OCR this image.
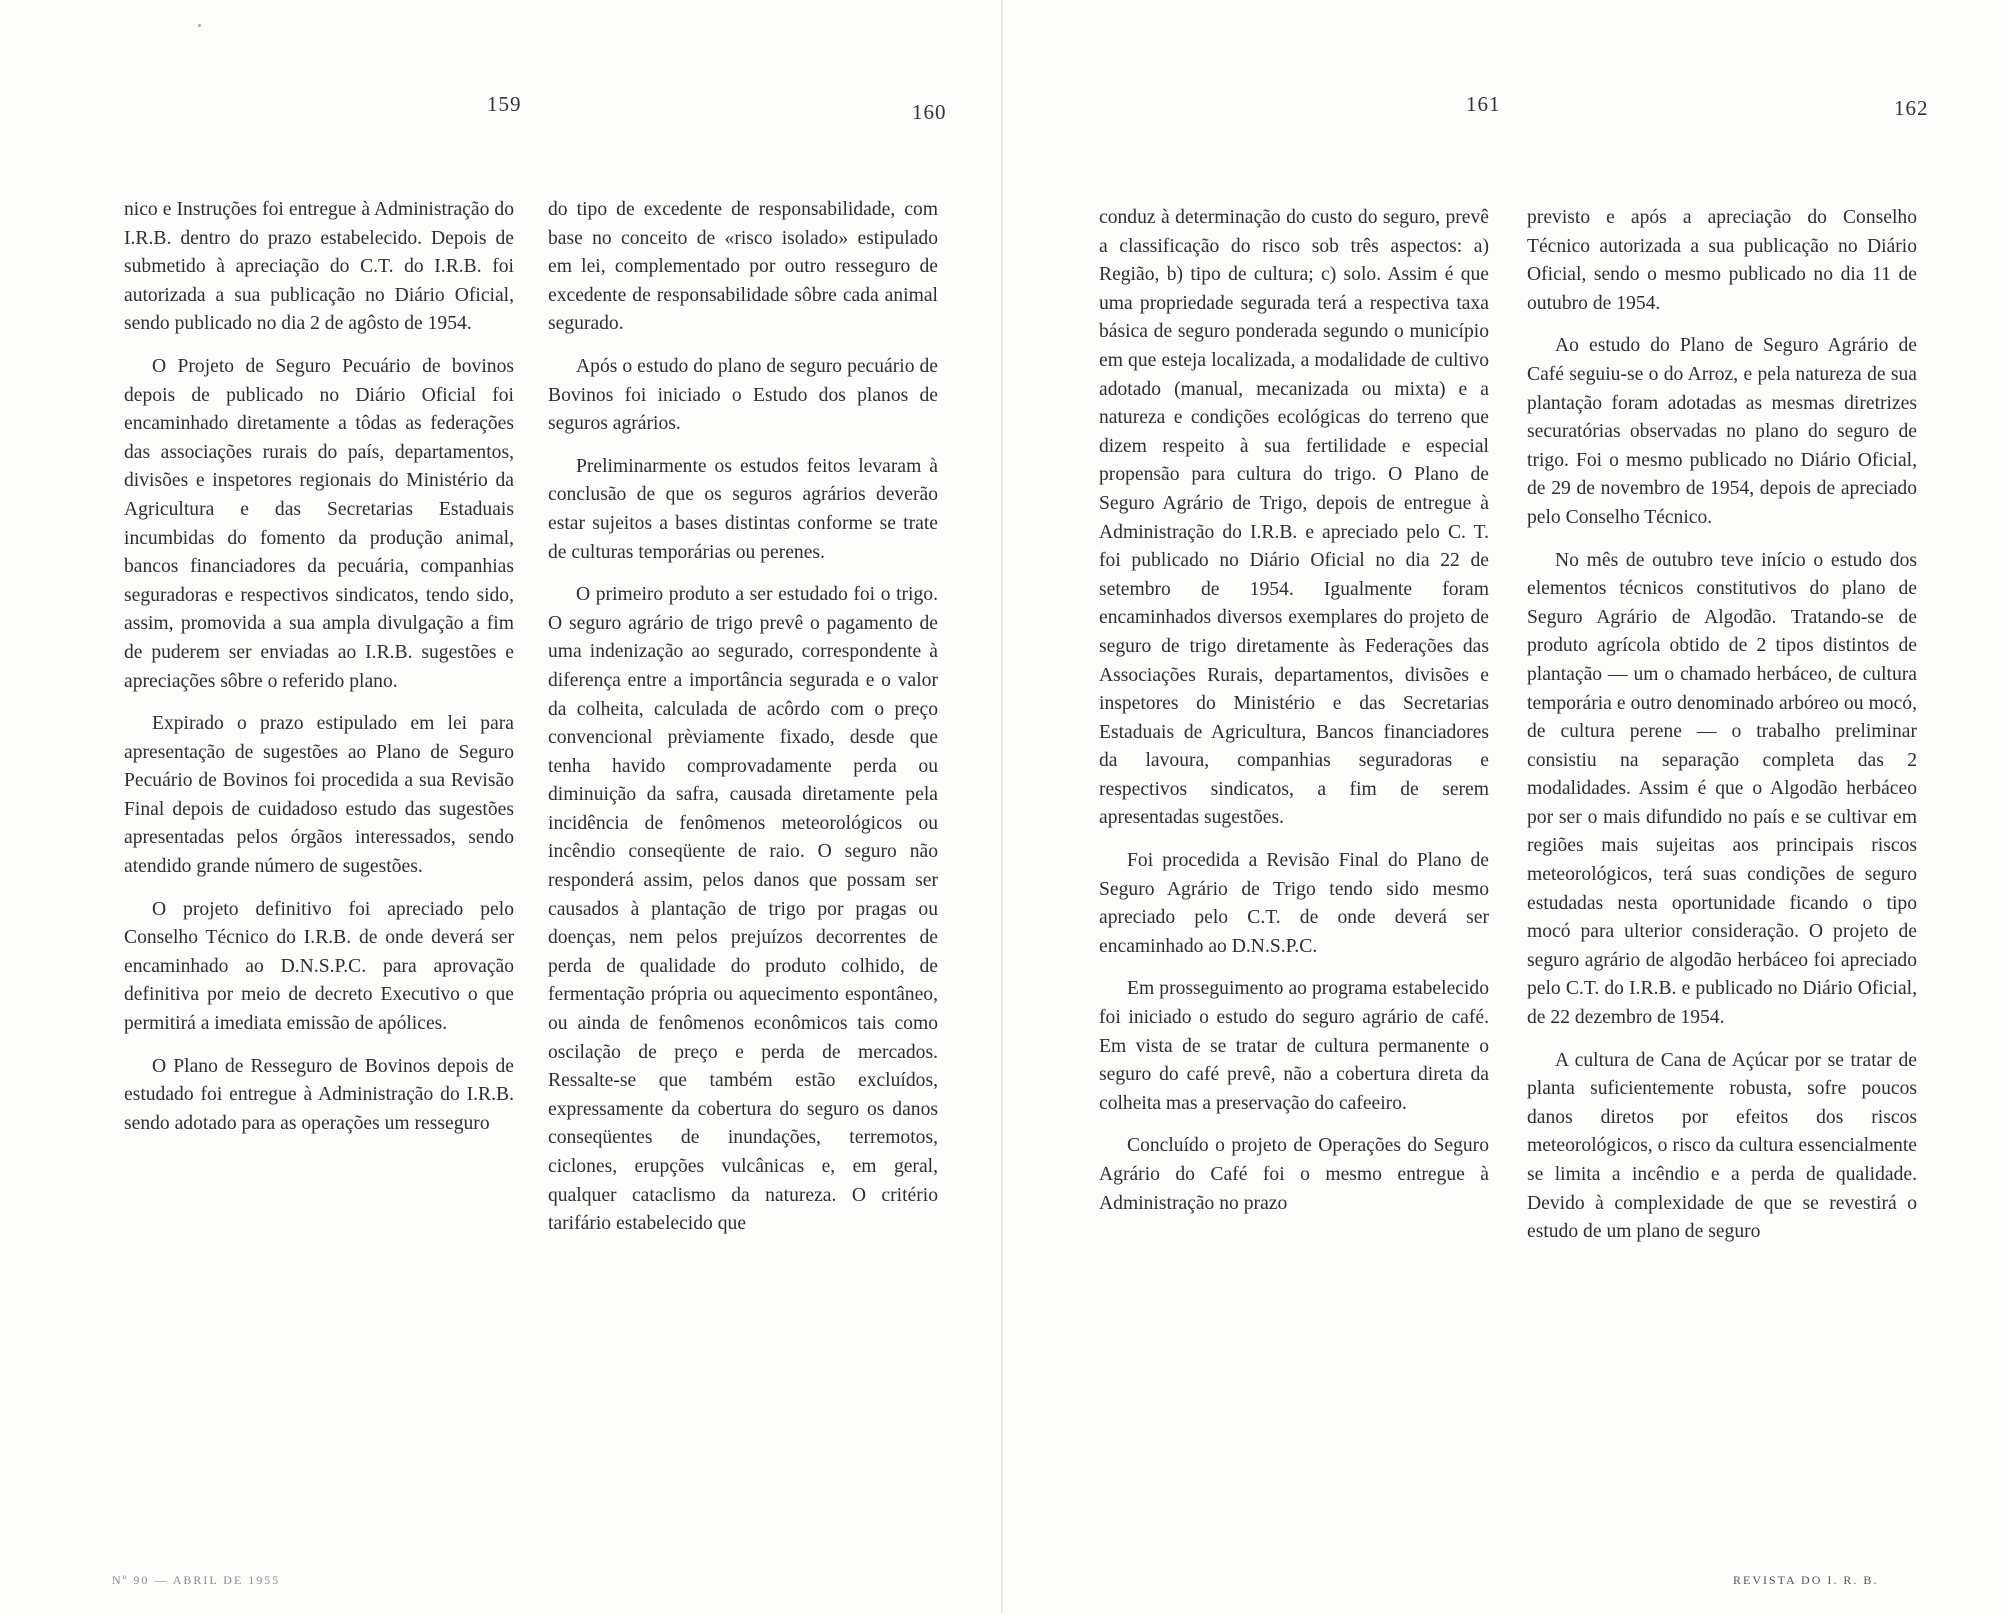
159	160

nico e Instruções foi entregue à Administração do I.R.B. dentro do prazo estabelecido. Depois de submetido à apreciação do C.T. do I.R.B. foi autorizada a sua publicação no Diário Oficial, sendo publicado no dia 2 de agôsto de 1954.

O Projeto de Seguro Pecuário de bovinos depois de publicado no Diário Oficial foi encaminhado diretamente a tôdas as federações das associações rurais do país, departamentos, divisões e inspetores regionais do Ministério da Agricultura e das Secretarias Estaduais incumbidas do fomento da produção animal, bancos financiadores da pecuária, companhias seguradoras e respectivos sindicatos, tendo sido, assim, promovida a sua ampla divulgação a fim de puderem ser enviadas ao I.R.B. sugestões e apreciações sôbre o referido plano.

Expirado o prazo estipulado em lei para apresentação de sugestões ao Plano de Seguro Pecuário de Bovinos foi procedida a sua Revisão Final depois de cuidadoso estudo das sugestões apresentadas pelos órgãos interessados, sendo atendido grande número de sugestões.

O projeto definitivo foi apreciado pelo Conselho Técnico do I.R.B. de onde deverá ser encaminhado ao D.N.S.P.C. para aprovação definitiva por meio de decreto Executivo o que permitirá a imediata emissão de apólices.

O Plano de Resseguro de Bovinos depois de estudado foi entregue à Administração do I.R.B. sendo adotado para as operações um resseguro

do tipo de excedente de responsabilidade, com base no conceito de «risco isolado» estipulado em lei, complementado por outro resseguro de excedente de responsabilidade sôbre cada animal segurado.

Após o estudo do plano de seguro pecuário de Bovinos foi iniciado o Estudo dos planos de seguros agrários.

Preliminarmente os estudos feitos levaram à conclusão de que os seguros agrários deverão estar sujeitos a bases distintas conforme se trate de culturas temporárias ou perenes.

O primeiro produto a ser estudado foi o trigo. O seguro agrário de trigo prevê o pagamento de uma indenização ao segurado, correspondente à diferença entre a importância segurada e o valor da colheita, calculada de acôrdo com o preço convencional prèviamente fixado, desde que tenha havido comprovadamente perda ou diminuição da safra, causada diretamente pela incidência de fenômenos meteorológicos ou incêndio conseqüente de raio. O seguro não responderá assim, pelos danos que possam ser causados à plantação de trigo por pragas ou doenças, nem pelos prejuízos decorrentes de perda de qualidade do produto colhido, de fermentação própria ou aquecimento espontâneo, ou ainda de fenômenos econômicos tais como oscilação de preço e perda de mercados. Ressalte-se que também estão excluídos, expressamente da cobertura do seguro os danos conseqüentes de inundações, terremotos, ciclones, erupções vulcânicas e, em geral, qualquer cataclismo da natureza. O critério tarifário estabelecido que

Nº 90 — ABRIL DE 1955
161	162

conduz à determinação do custo do seguro, prevê a classificação do risco sob três aspectos: a) Região, b) tipo de cultura; c) solo. Assim é que uma propriedade segurada terá a respectiva taxa básica de seguro ponderada segundo o município em que esteja localizada, a modalidade de cultivo adotado (manual, mecanizada ou mixta) e a natureza e condições ecológicas do terreno que dizem respeito à sua fertilidade e especial propensão para cultura do trigo. O Plano de Seguro Agrário de Trigo, depois de entregue à Administração do I.R.B. e apreciado pelo C. T. foi publicado no Diário Oficial no dia 22 de setembro de 1954. Igualmente foram encaminhados diversos exemplares do projeto de seguro de trigo diretamente às Federações das Associações Rurais, departamentos, divisões e inspetores do Ministério e das Secretarias Estaduais de Agricultura, Bancos financiadores da lavoura, companhias seguradoras e respectivos sindicatos, a fim de serem apresentadas sugestões.

Foi procedida a Revisão Final do Plano de Seguro Agrário de Trigo tendo sido mesmo apreciado pelo C.T. de onde deverá ser encaminhado ao D.N.S.P.C.

Em prosseguimento ao programa estabelecido foi iniciado o estudo do seguro agrário de café. Em vista de se tratar de cultura permanente o seguro do café prevê, não a cobertura direta da colheita mas a preservação do cafeeiro.

Concluído o projeto de Operações do Seguro Agrário do Café foi o mesmo entregue à Administração no prazo

previsto e após a apreciação do Conselho Técnico autorizada a sua publicação no Diário Oficial, sendo o mesmo publicado no dia 11 de outubro de 1954.

Ao estudo do Plano de Seguro Agrário de Café seguiu-se o do Arroz, e pela natureza de sua plantação foram adotadas as mesmas diretrizes securatórias observadas no plano do seguro de trigo. Foi o mesmo publicado no Diário Oficial, de 29 de novembro de 1954, depois de apreciado pelo Conselho Técnico.

No mês de outubro teve início o estudo dos elementos técnicos constitutivos do plano de Seguro Agrário de Algodão. Tratando-se de produto agrícola obtido de 2 tipos distintos de plantação — um o chamado herbáceo, de cultura temporária e outro denominado arbóreo ou mocó, de cultura perene — o trabalho preliminar consistiu na separação completa das 2 modalidades. Assim é que o Algodão herbáceo por ser o mais difundido no país e se cultivar em regiões mais sujeitas aos principais riscos meteorológicos, terá suas condições de seguro estudadas nesta oportunidade ficando o tipo mocó para ulterior consideração. O projeto de seguro agrário de algodão herbáceo foi apreciado pelo C.T. do I.R.B. e publicado no Diário Oficial, de 22 dezembro de 1954.

A cultura de Cana de Açúcar por se tratar de planta suficientemente robusta, sofre poucos danos diretos por efeitos dos riscos meteorológicos, o risco da cultura essencialmente se limita a incêndio e a perda de qualidade. Devido à complexidade de que se revestirá o estudo de um plano de seguro

REVISTA DO I. R. B.
